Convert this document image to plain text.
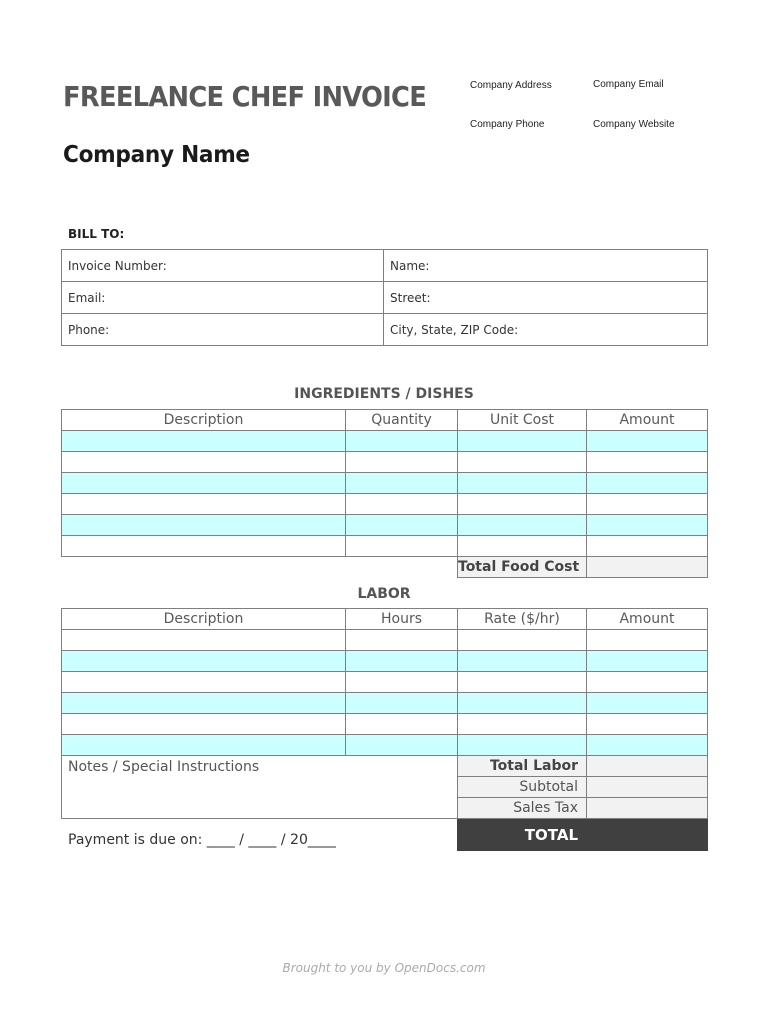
FREELANCE CHEF INVOICE
Company Name
Company Address	Company Email
Company Phone	Company Website
BILL TO:
Invoice Number:	Name:
Email:	Street:
Phone:	City, State, ZIP Code:
INGREDIENTS / DISHES
Description	Quantity	Unit Cost	Amount

		Total Food Cost	
LABOR
Description	Hours	Rate ($/hr)	Amount

Notes / Special Instructions		Total Labor	
		Subtotal	
		Sales Tax	
		TOTAL	
Payment is due on: ____ / ____ / 20____
Brought to you by OpenDocs.com
